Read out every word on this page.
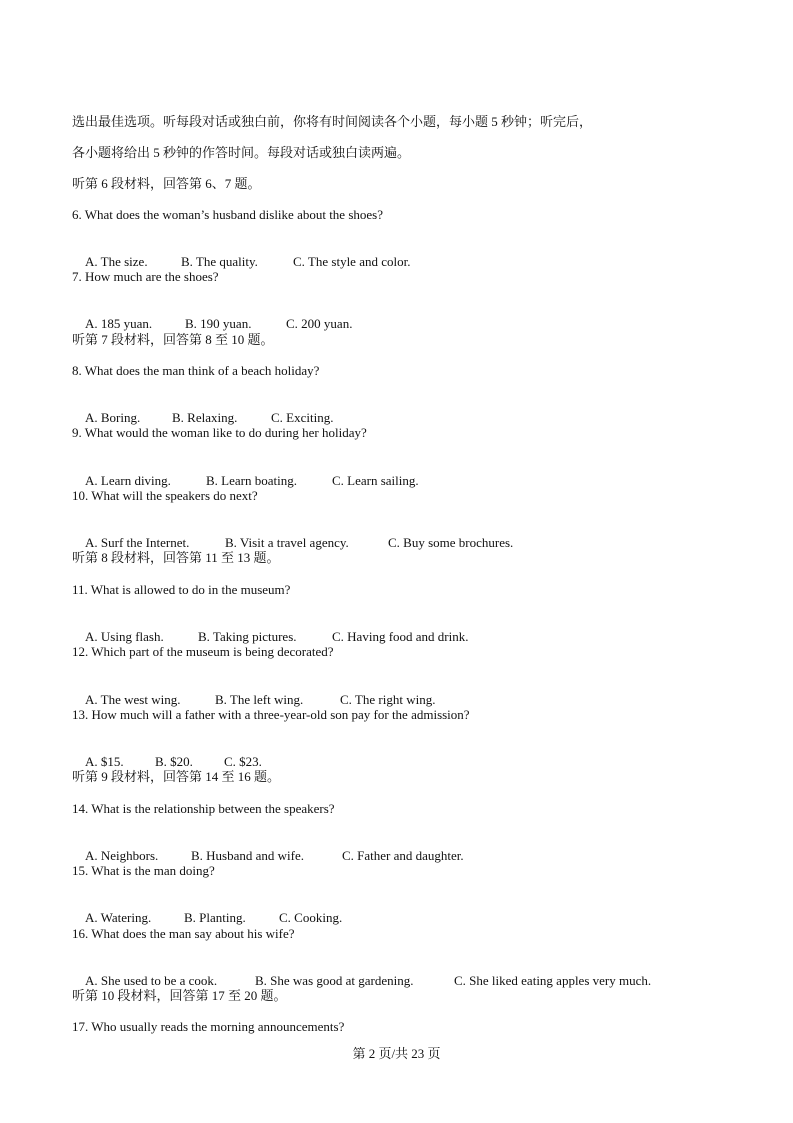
选出最佳选项。听每段对话或独白前，你将有时间阅读各个小题，每小题 5 秒钟；听完后，
各小题将给出 5 秒钟的作答时间。每段对话或独白读两遍。
听第 6 段材料，回答第 6、7 题。
6. What does the woman’s husband dislike about the shoes?

A. The size.	B. The quality.	C. The style and color.

7. How much are the shoes?

A. 185 yuan.	B. 190 yuan.	C. 200 yuan.

听第 7 段材料，回答第 8 至 10 题。
8. What does the man think of a beach holiday?

A. Boring. B. Relaxing.	C. Exciting.

9. What would the woman like to do during her holiday?

A. Learn diving.	B. Learn boating.	C. Learn sailing.

10. What will the speakers do next?

A. Surf the Internet.	B. Visit a travel agency.	C. Buy some brochures.

听第 8 段材料，回答第 11 至 13 题。
11. What is allowed to do in the museum?

A. Using flash.	B. Taking pictures.	C. Having food and drink.

12. Which part of the museum is being decorated?

A. The west wing.	B. The left wing.	C. The right wing.

13. How much will a father with a three-year-old son pay for the admission?

A. $15. B. $20. C. $23.

听第 9 段材料，回答第 14 至 16 题。
14. What is the relationship between the speakers?

A. Neighbors.	B. Husband and wife.	C. Father and daughter.

15. What is the man doing?

A. Watering.	B. Planting.	C. Cooking.

16. What does the man say about his wife?

A. She used to be a cook.	B. She was good at gardening.	C. She liked eating apples very much.

听第 10 段材料，回答第 17 至 20 题。
17. Who usually reads the morning announcements?
第 2 页/共 23 页
